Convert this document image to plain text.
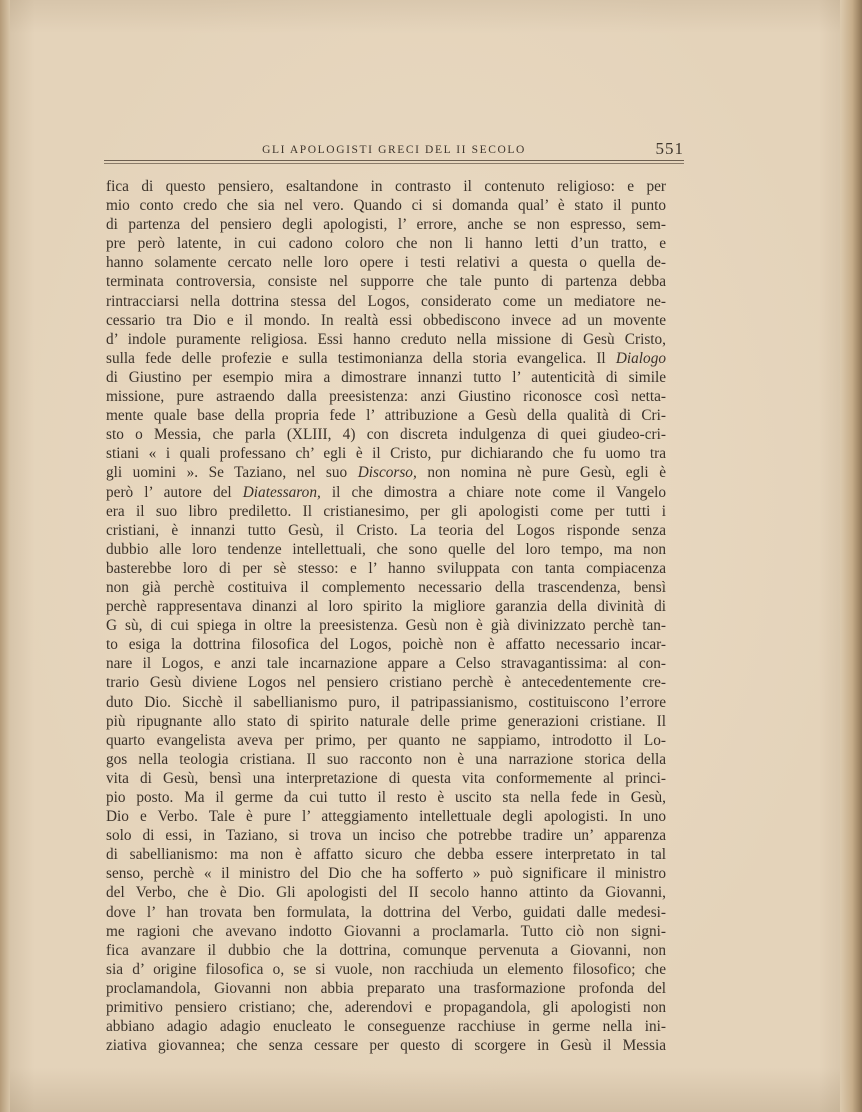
GLI APOLOGISTI GRECI DEL II SECOLO	551
fica di questo pensiero, esaltandone in contrasto il contenuto religioso: e per
mio conto credo che sia nel vero. Quando ci si domanda qual’ è stato il punto
di partenza del pensiero degli apologisti, l’ errore, anche se non espresso, sem-
pre però latente, in cui cadono coloro che non li hanno letti d’un tratto, e
hanno solamente cercato nelle loro opere i testi relativi a questa o quella de-
terminata controversia, consiste nel supporre che tale punto di partenza debba
rintracciarsi nella dottrina stessa del Logos, considerato come un mediatore ne-
cessario tra Dio e il mondo. In realtà essi obbediscono invece ad un movente
d’ indole puramente religiosa. Essi hanno creduto nella missione di Gesù Cristo,
sulla fede delle profezie e sulla testimonianza della storia evangelica. Il Dialogo
di Giustino per esempio mira a dimostrare innanzi tutto l’ autenticità di simile
missione, pure astraendo dalla preesistenza: anzi Giustino riconosce così netta-
mente quale base della propria fede l’ attribuzione a Gesù della qualità di Cri-
sto o Messia, che parla (XLIII, 4) con discreta indulgenza di quei giudeo-cri-
stiani « i quali professano ch’ egli è il Cristo, pur dichiarando che fu uomo tra
gli uomini ». Se Taziano, nel suo Discorso, non nomina nè pure Gesù, egli è
però l’ autore del Diatessaron, il che dimostra a chiare note come il Vangelo
era il suo libro prediletto. Il cristianesimo, per gli apologisti come per tutti i
cristiani, è innanzi tutto Gesù, il Cristo. La teoria del Logos risponde senza
dubbio alle loro tendenze intellettuali, che sono quelle del loro tempo, ma non
basterebbe loro di per sè stesso: e l’ hanno sviluppata con tanta compiacenza
non già perchè costituiva il complemento necessario della trascendenza, bensì
perchè rappresentava dinanzi al loro spirito la migliore garanzia della divinità di
G sù, di cui spiega in oltre la preesistenza. Gesù non è già divinizzato perchè tan-
to esiga la dottrina filosofica del Logos, poichè non è affatto necessario incar-
nare il Logos, e anzi tale incarnazione appare a Celso stravagantissima: al con-
trario Gesù diviene Logos nel pensiero cristiano perchè è antecedentemente cre-
duto Dio. Sicchè il sabellianismo puro, il patripassianismo, costituiscono l’errore
più ripugnante allo stato di spirito naturale delle prime generazioni cristiane. Il
quarto evangelista aveva per primo, per quanto ne sappiamo, introdotto il Lo-
gos nella teologia cristiana. Il suo racconto non è una narrazione storica della
vita di Gesù, bensì una interpretazione di questa vita conformemente al princi-
pio posto. Ma il germe da cui tutto il resto è uscito sta nella fede in Gesù,
Dio e Verbo. Tale è pure l’ atteggiamento intellettuale degli apologisti. In uno
solo di essi, in Taziano, si trova un inciso che potrebbe tradire un’ apparenza
di sabellianismo: ma non è affatto sicuro che debba essere interpretato in tal
senso, perchè « il ministro del Dio che ha sofferto » può significare il ministro
del Verbo, che è Dio. Gli apologisti del II secolo hanno attinto da Giovanni,
dove l’ han trovata ben formulata, la dottrina del Verbo, guidati dalle medesi-
me ragioni che avevano indotto Giovanni a proclamarla. Tutto ciò non signi-
fica avanzare il dubbio che la dottrina, comunque pervenuta a Giovanni, non
sia d’ origine filosofica o, se si vuole, non racchiuda un elemento filosofico; che
proclamandola, Giovanni non abbia preparato una trasformazione profonda del
primitivo pensiero cristiano; che, aderendovi e propagandola, gli apologisti non
abbiano adagio adagio enucleato le conseguenze racchiuse in germe nella ini-
ziativa giovannea; che senza cessare per questo di scorgere in Gesù il Messia
